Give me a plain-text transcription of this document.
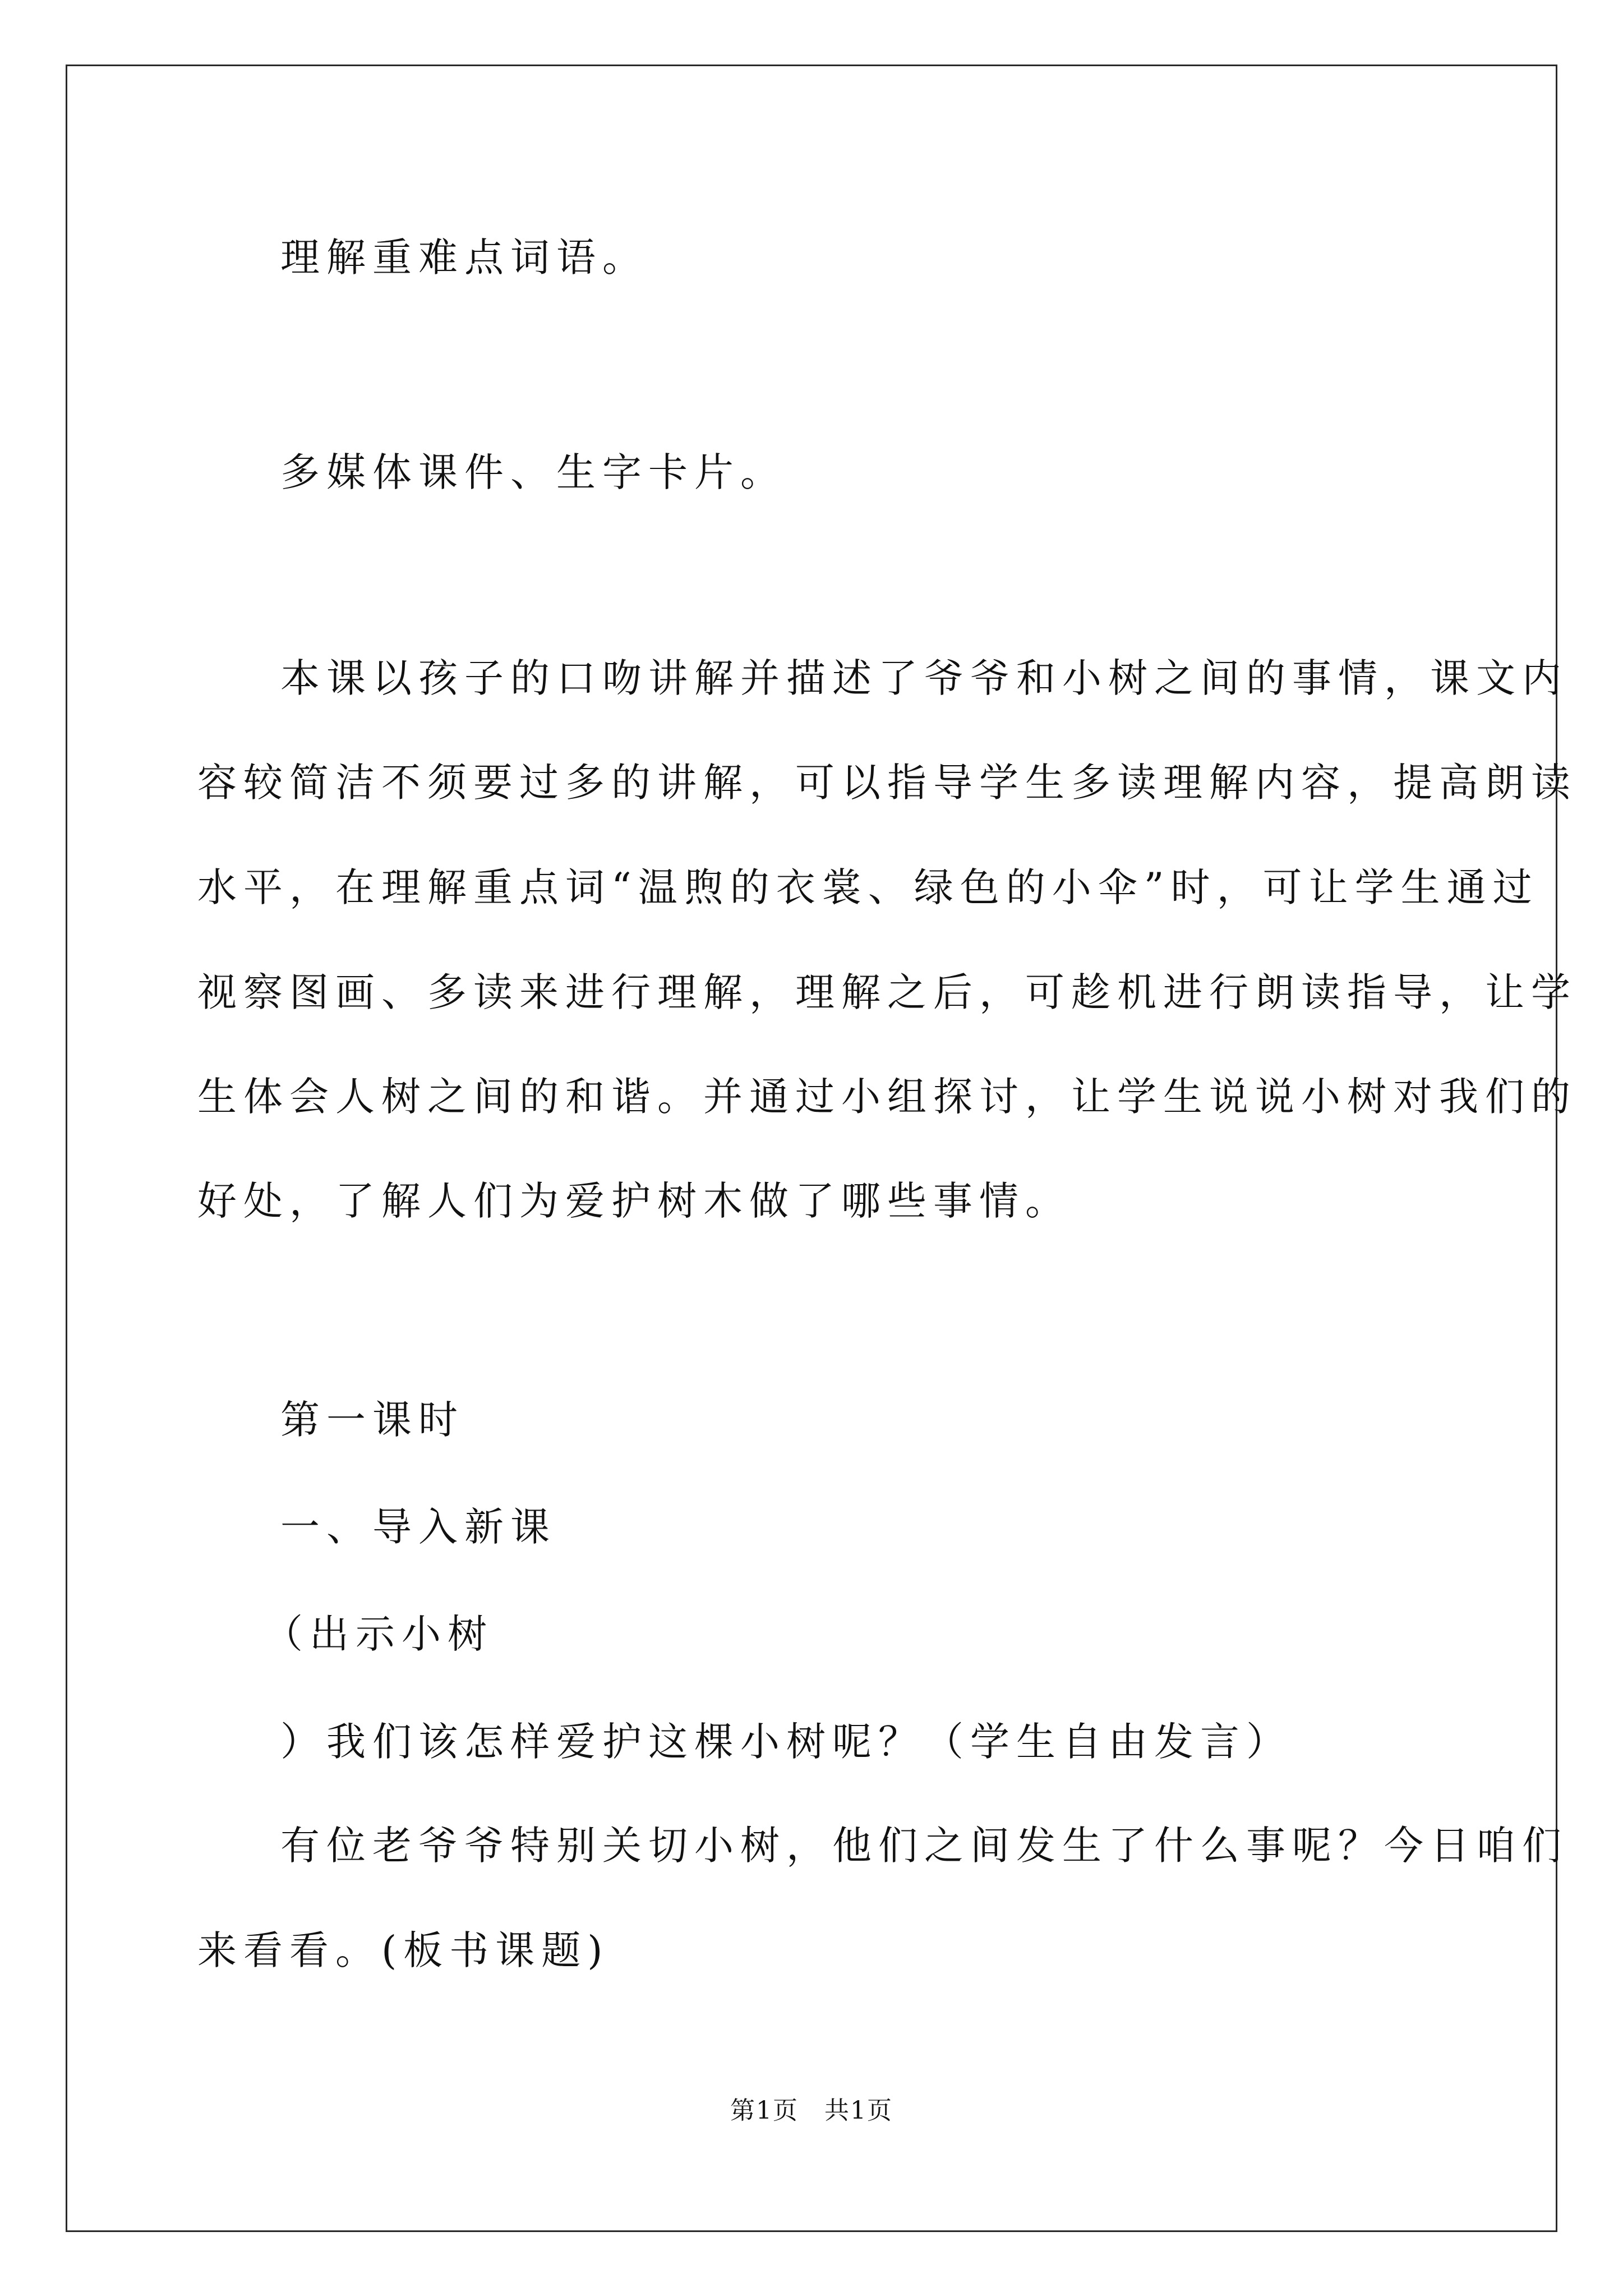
理解重难点词语。
多媒体课件、生字卡片。
本课以孩子的口吻讲解并描述了爷爷和小树之间的事情，课文内
容较简洁不须要过多的讲解，可以指导学生多读理解内容，提高朗读
水平，在理解重点词“温煦的衣裳、绿色的小伞”时，可让学生通过
视察图画、多读来进行理解，理解之后，可趁机进行朗读指导，让学
生体会人树之间的和谐。并通过小组探讨，让学生说说小树对我们的
好处，了解人们为爱护树木做了哪些事情。
第一课时
一、导入新课
（出示小树
）我们该怎样爱护这棵小树呢？（学生自由发言）
有位老爷爷特别关切小树，他们之间发生了什么事呢？今日咱们
来看看。(板书课题)
第1页　共1页
